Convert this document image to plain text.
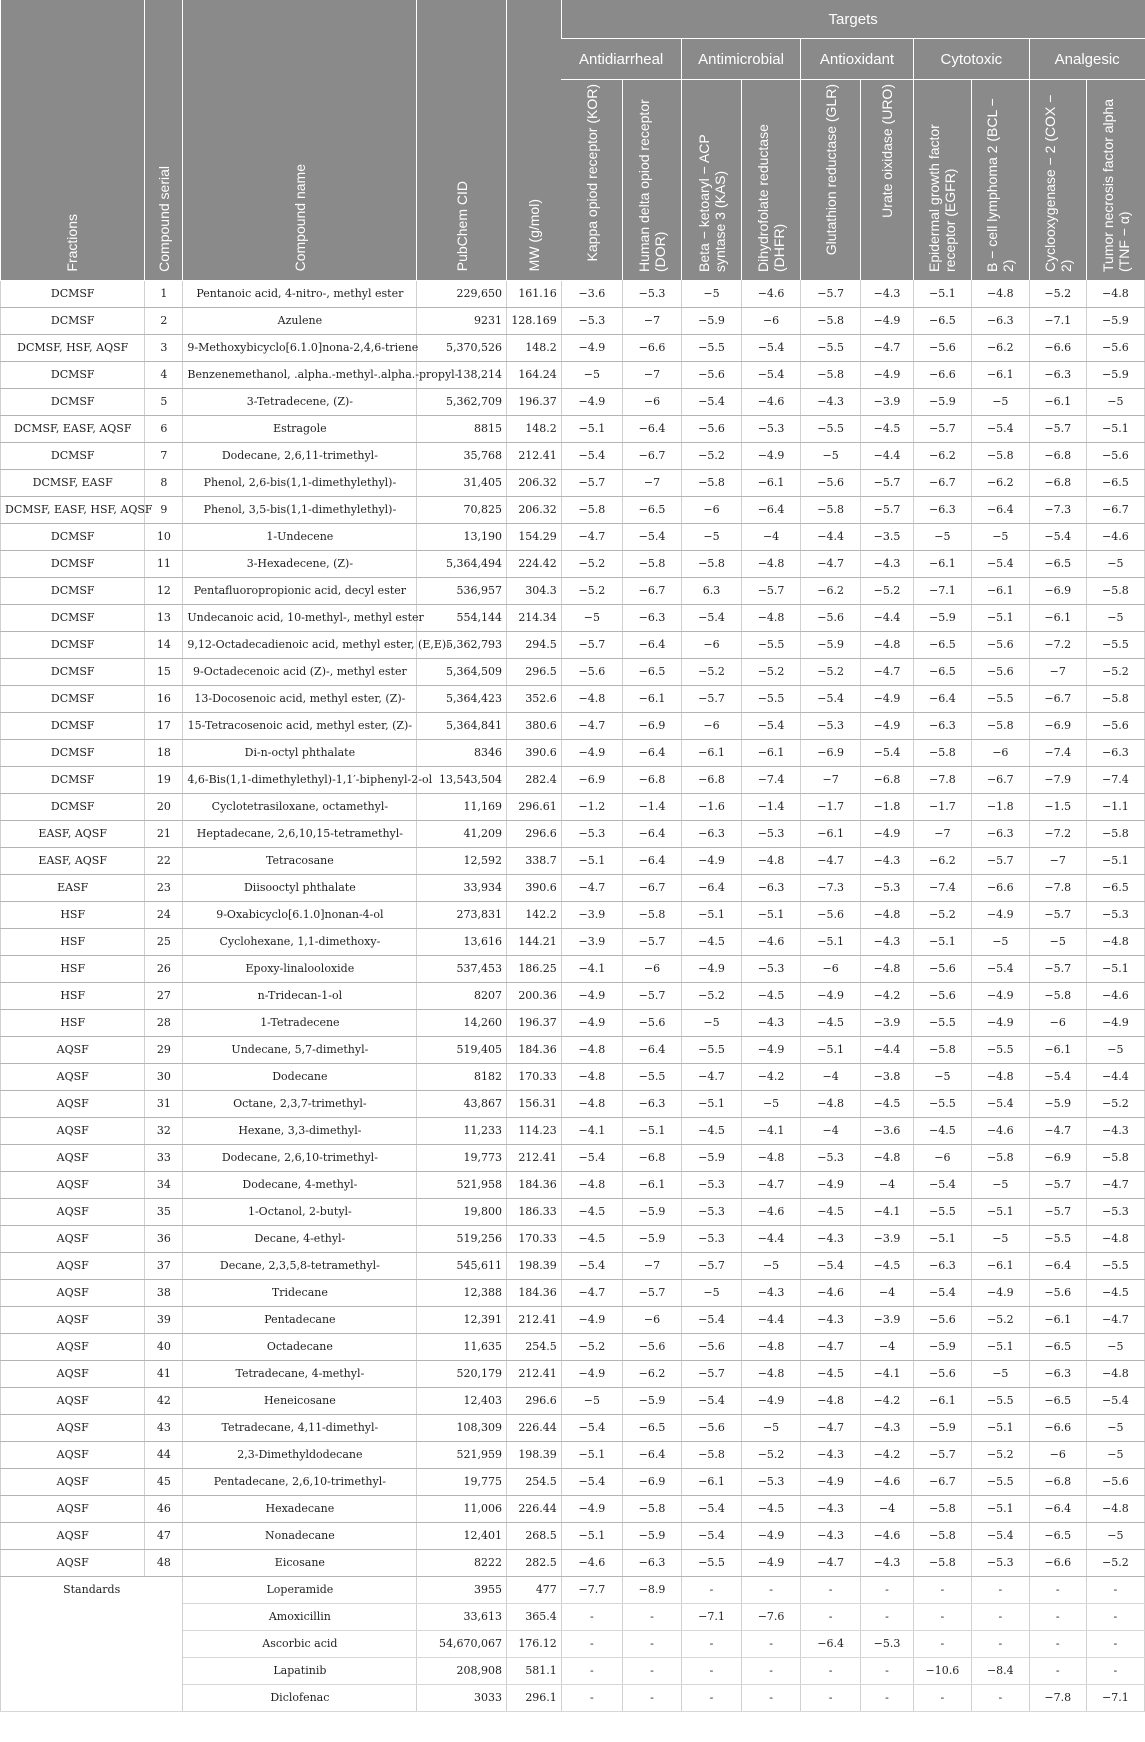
Fractions	Compound serial	Compound name	PubChem CID	MW (g/mol)	Targets									
					Antidiarrheal		Antimicrobial		Antioxidant		Cytotoxic		Analgesic	
					Kappa opiod receptor (KOR)	Human delta opiod receptor (DOR)	Beta − ketoaryl − ACP syntase 3 (KAS)	Dihydrofolate reductase (DHFR)	Glutathion reductase (GLR)	Urate oixidase (URO)	Epidermal growth factor receptor (EGFR)	B − cell lymphoma 2 (BCL − 2)	Cyclooxygenase − 2 (COX − 2)	Tumor necrosis factor alpha (TNF − α)
DCMSF	1	Pentanoic acid, 4-nitro-, methyl ester	229,650	161.16	−3.6	−5.3	−5	−4.6	−5.7	−4.3	−5.1	−4.8	−5.2	−4.8
DCMSF	2	Azulene	9231	128.169	−5.3	−7	−5.9	−6	−5.8	−4.9	−6.5	−6.3	−7.1	−5.9
DCMSF, HSF, AQSF	3	9-Methoxybicyclo[6.1.0]nona-2,4,6-triene	5,370,526	148.2	−4.9	−6.6	−5.5	−5.4	−5.5	−4.7	−5.6	−6.2	−6.6	−5.6
DCMSF	4	Benzenemethanol, .alpha.-methyl-.alpha.-propyl-	138,214	164.24	−5	−7	−5.6	−5.4	−5.8	−4.9	−6.6	−6.1	−6.3	−5.9
DCMSF	5	3-Tetradecene, (Z)-	5,362,709	196.37	−4.9	−6	−5.4	−4.6	−4.3	−3.9	−5.9	−5	−6.1	−5
DCMSF, EASF, AQSF	6	Estragole	8815	148.2	−5.1	−6.4	−5.6	−5.3	−5.5	−4.5	−5.7	−5.4	−5.7	−5.1
DCMSF	7	Dodecane, 2,6,11-trimethyl-	35,768	212.41	−5.4	−6.7	−5.2	−4.9	−5	−4.4	−6.2	−5.8	−6.8	−5.6
DCMSF, EASF	8	Phenol, 2,6-bis(1,1-dimethylethyl)-	31,405	206.32	−5.7	−7	−5.8	−6.1	−5.6	−5.7	−6.7	−6.2	−6.8	−6.5
DCMSF, EASF, HSF, AQSF	9	Phenol, 3,5-bis(1,1-dimethylethyl)-	70,825	206.32	−5.8	−6.5	−6	−6.4	−5.8	−5.7	−6.3	−6.4	−7.3	−6.7
DCMSF	10	1-Undecene	13,190	154.29	−4.7	−5.4	−5	−4	−4.4	−3.5	−5	−5	−5.4	−4.6
DCMSF	11	3-Hexadecene, (Z)-	5,364,494	224.42	−5.2	−5.8	−5.8	−4.8	−4.7	−4.3	−6.1	−5.4	−6.5	−5
DCMSF	12	Pentafluoropropionic acid, decyl ester	536,957	304.3	−5.2	−6.7	6.3	−5.7	−6.2	−5.2	−7.1	−6.1	−6.9	−5.8
DCMSF	13	Undecanoic acid, 10-methyl-, methyl ester	554,144	214.34	−5	−6.3	−5.4	−4.8	−5.6	−4.4	−5.9	−5.1	−6.1	−5
DCMSF	14	9,12-Octadecadienoic acid, methyl ester, (E,E)-	5,362,793	294.5	−5.7	−6.4	−6	−5.5	−5.9	−4.8	−6.5	−5.6	−7.2	−5.5
DCMSF	15	9-Octadecenoic acid (Z)-, methyl ester	5,364,509	296.5	−5.6	−6.5	−5.2	−5.2	−5.2	−4.7	−6.5	−5.6	−7	−5.2
DCMSF	16	13-Docosenoic acid, methyl ester, (Z)-	5,364,423	352.6	−4.8	−6.1	−5.7	−5.5	−5.4	−4.9	−6.4	−5.5	−6.7	−5.8
DCMSF	17	15-Tetracosenoic acid, methyl ester, (Z)-	5,364,841	380.6	−4.7	−6.9	−6	−5.4	−5.3	−4.9	−6.3	−5.8	−6.9	−5.6
DCMSF	18	Di-n-octyl phthalate	8346	390.6	−4.9	−6.4	−6.1	−6.1	−6.9	−5.4	−5.8	−6	−7.4	−6.3
DCMSF	19	4,6-Bis(1,1-dimethylethyl)-1,1′-biphenyl-2-ol	13,543,504	282.4	−6.9	−6.8	−6.8	−7.4	−7	−6.8	−7.8	−6.7	−7.9	−7.4
DCMSF	20	Cyclotetrasiloxane, octamethyl-	11,169	296.61	−1.2	−1.4	−1.6	−1.4	−1.7	−1.8	−1.7	−1.8	−1.5	−1.1
EASF, AQSF	21	Heptadecane, 2,6,10,15-tetramethyl-	41,209	296.6	−5.3	−6.4	−6.3	−5.3	−6.1	−4.9	−7	−6.3	−7.2	−5.8
EASF, AQSF	22	Tetracosane	12,592	338.7	−5.1	−6.4	−4.9	−4.8	−4.7	−4.3	−6.2	−5.7	−7	−5.1
EASF	23	Diisooctyl phthalate	33,934	390.6	−4.7	−6.7	−6.4	−6.3	−7.3	−5.3	−7.4	−6.6	−7.8	−6.5
HSF	24	9-Oxabicyclo[6.1.0]nonan-4-ol	273,831	142.2	−3.9	−5.8	−5.1	−5.1	−5.6	−4.8	−5.2	−4.9	−5.7	−5.3
HSF	25	Cyclohexane, 1,1-dimethoxy-	13,616	144.21	−3.9	−5.7	−4.5	−4.6	−5.1	−4.3	−5.1	−5	−5	−4.8
HSF	26	Epoxy-linalooloxide	537,453	186.25	−4.1	−6	−4.9	−5.3	−6	−4.8	−5.6	−5.4	−5.7	−5.1
HSF	27	n-Tridecan-1-ol	8207	200.36	−4.9	−5.7	−5.2	−4.5	−4.9	−4.2	−5.6	−4.9	−5.8	−4.6
HSF	28	1-Tetradecene	14,260	196.37	−4.9	−5.6	−5	−4.3	−4.5	−3.9	−5.5	−4.9	−6	−4.9
AQSF	29	Undecane, 5,7-dimethyl-	519,405	184.36	−4.8	−6.4	−5.5	−4.9	−5.1	−4.4	−5.8	−5.5	−6.1	−5
AQSF	30	Dodecane	8182	170.33	−4.8	−5.5	−4.7	−4.2	−4	−3.8	−5	−4.8	−5.4	−4.4
AQSF	31	Octane, 2,3,7-trimethyl-	43,867	156.31	−4.8	−6.3	−5.1	−5	−4.8	−4.5	−5.5	−5.4	−5.9	−5.2
AQSF	32	Hexane, 3,3-dimethyl-	11,233	114.23	−4.1	−5.1	−4.5	−4.1	−4	−3.6	−4.5	−4.6	−4.7	−4.3
AQSF	33	Dodecane, 2,6,10-trimethyl-	19,773	212.41	−5.4	−6.8	−5.9	−4.8	−5.3	−4.8	−6	−5.8	−6.9	−5.8
AQSF	34	Dodecane, 4-methyl-	521,958	184.36	−4.8	−6.1	−5.3	−4.7	−4.9	−4	−5.4	−5	−5.7	−4.7
AQSF	35	1-Octanol, 2-butyl-	19,800	186.33	−4.5	−5.9	−5.3	−4.6	−4.5	−4.1	−5.5	−5.1	−5.7	−5.3
AQSF	36	Decane, 4-ethyl-	519,256	170.33	−4.5	−5.9	−5.3	−4.4	−4.3	−3.9	−5.1	−5	−5.5	−4.8
AQSF	37	Decane, 2,3,5,8-tetramethyl-	545,611	198.39	−5.4	−7	−5.7	−5	−5.4	−4.5	−6.3	−6.1	−6.4	−5.5
AQSF	38	Tridecane	12,388	184.36	−4.7	−5.7	−5	−4.3	−4.6	−4	−5.4	−4.9	−5.6	−4.5
AQSF	39	Pentadecane	12,391	212.41	−4.9	−6	−5.4	−4.4	−4.3	−3.9	−5.6	−5.2	−6.1	−4.7
AQSF	40	Octadecane	11,635	254.5	−5.2	−5.6	−5.6	−4.8	−4.7	−4	−5.9	−5.1	−6.5	−5
AQSF	41	Tetradecane, 4-methyl-	520,179	212.41	−4.9	−6.2	−5.7	−4.8	−4.5	−4.1	−5.6	−5	−6.3	−4.8
AQSF	42	Heneicosane	12,403	296.6	−5	−5.9	−5.4	−4.9	−4.8	−4.2	−6.1	−5.5	−6.5	−5.4
AQSF	43	Tetradecane, 4,11-dimethyl-	108,309	226.44	−5.4	−6.5	−5.6	−5	−4.7	−4.3	−5.9	−5.1	−6.6	−5
AQSF	44	2,3-Dimethyldodecane	521,959	198.39	−5.1	−6.4	−5.8	−5.2	−4.3	−4.2	−5.7	−5.2	−6	−5
AQSF	45	Pentadecane, 2,6,10-trimethyl-	19,775	254.5	−5.4	−6.9	−6.1	−5.3	−4.9	−4.6	−6.7	−5.5	−6.8	−5.6
AQSF	46	Hexadecane	11,006	226.44	−4.9	−5.8	−5.4	−4.5	−4.3	−4	−5.8	−5.1	−6.4	−4.8
AQSF	47	Nonadecane	12,401	268.5	−5.1	−5.9	−5.4	−4.9	−4.3	−4.6	−5.8	−5.4	−6.5	−5
AQSF	48	Eicosane	8222	282.5	−4.6	−6.3	−5.5	−4.9	−4.7	−4.3	−5.8	−5.3	−6.6	−5.2
Standards		Loperamide	3955	477	−7.7	−8.9	-	-	-	-	-	-	-	-
		Amoxicillin	33,613	365.4	-	-	−7.1	−7.6	-	-	-	-	-	-
		Ascorbic acid	54,670,067	176.12	-	-	-	-	−6.4	−5.3	-	-	-	-
		Lapatinib	208,908	581.1	-	-	-	-	-	-	−10.6	−8.4	-	-
		Diclofenac	3033	296.1	-	-	-	-	-	-	-	-	−7.8	−7.1
